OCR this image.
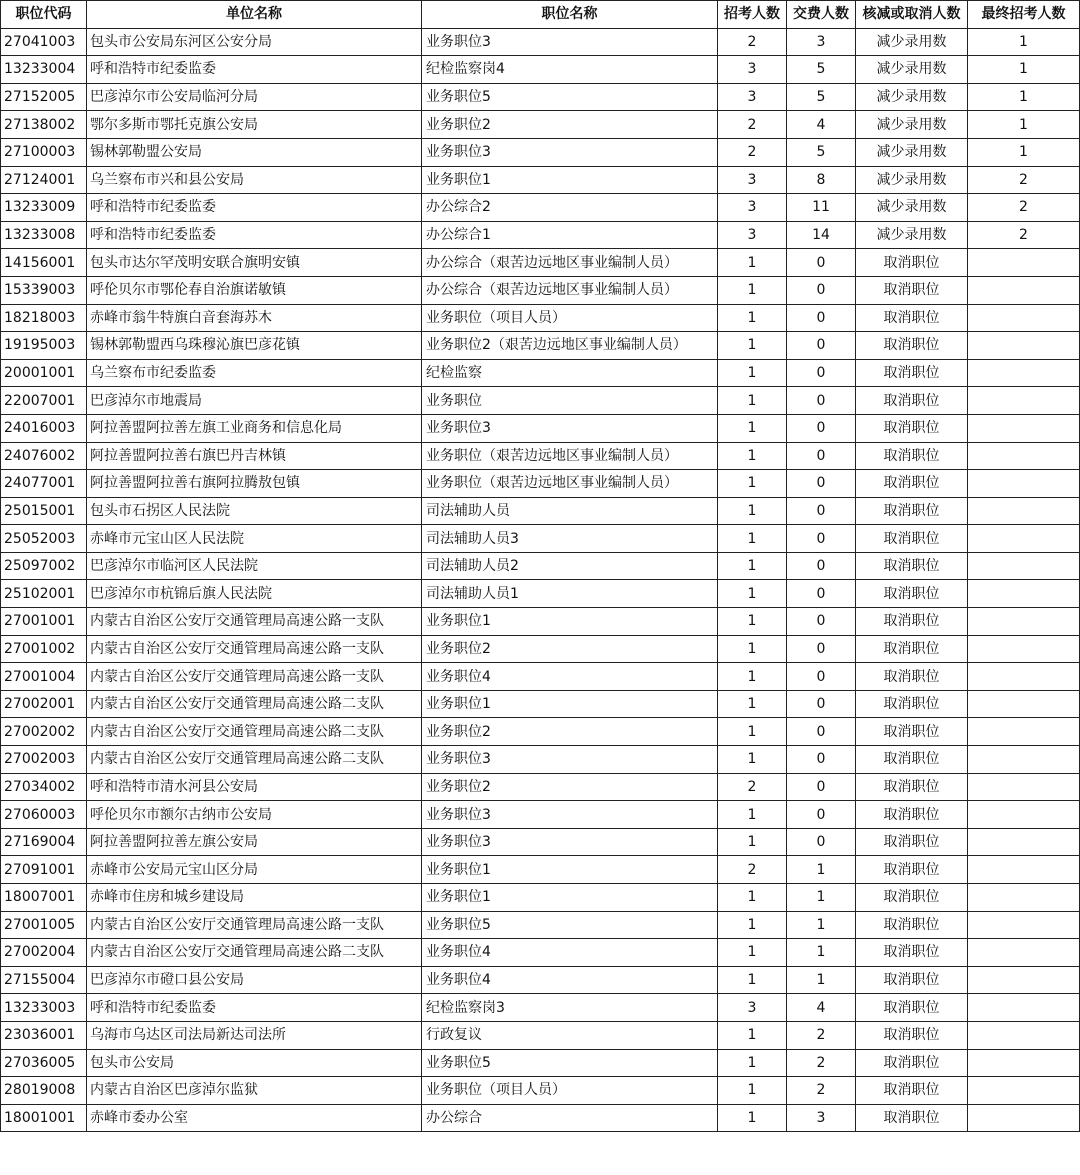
职位代码	单位名称	职位名称	招考人数	交费人数	核减或取消人数	最终招考人数
27041003	包头市公安局东河区公安分局	业务职位3	2	3	减少录用数	1
13233004	呼和浩特市纪委监委	纪检监察岗4	3	5	减少录用数	1
27152005	巴彦淖尔市公安局临河分局	业务职位5	3	5	减少录用数	1
27138002	鄂尔多斯市鄂托克旗公安局	业务职位2	2	4	减少录用数	1
27100003	锡林郭勒盟公安局	业务职位3	2	5	减少录用数	1
27124001	乌兰察布市兴和县公安局	业务职位1	3	8	减少录用数	2
13233009	呼和浩特市纪委监委	办公综合2	3	11	减少录用数	2
13233008	呼和浩特市纪委监委	办公综合1	3	14	减少录用数	2
14156001	包头市达尔罕茂明安联合旗明安镇	办公综合（艰苦边远地区事业编制人员）	1	0	取消职位	
15339003	呼伦贝尔市鄂伦春自治旗诺敏镇	办公综合（艰苦边远地区事业编制人员）	1	0	取消职位	
18218003	赤峰市翁牛特旗白音套海苏木	业务职位（项目人员）	1	0	取消职位	
19195003	锡林郭勒盟西乌珠穆沁旗巴彦花镇	业务职位2（艰苦边远地区事业编制人员）	1	0	取消职位	
20001001	乌兰察布市纪委监委	纪检监察	1	0	取消职位	
22007001	巴彦淖尔市地震局	业务职位	1	0	取消职位	
24016003	阿拉善盟阿拉善左旗工业商务和信息化局	业务职位3	1	0	取消职位	
24076002	阿拉善盟阿拉善右旗巴丹吉林镇	业务职位（艰苦边远地区事业编制人员）	1	0	取消职位	
24077001	阿拉善盟阿拉善右旗阿拉腾敖包镇	业务职位（艰苦边远地区事业编制人员）	1	0	取消职位	
25015001	包头市石拐区人民法院	司法辅助人员	1	0	取消职位	
25052003	赤峰市元宝山区人民法院	司法辅助人员3	1	0	取消职位	
25097002	巴彦淖尔市临河区人民法院	司法辅助人员2	1	0	取消职位	
25102001	巴彦淖尔市杭锦后旗人民法院	司法辅助人员1	1	0	取消职位	
27001001	内蒙古自治区公安厅交通管理局高速公路一支队	业务职位1	1	0	取消职位	
27001002	内蒙古自治区公安厅交通管理局高速公路一支队	业务职位2	1	0	取消职位	
27001004	内蒙古自治区公安厅交通管理局高速公路一支队	业务职位4	1	0	取消职位	
27002001	内蒙古自治区公安厅交通管理局高速公路二支队	业务职位1	1	0	取消职位	
27002002	内蒙古自治区公安厅交通管理局高速公路二支队	业务职位2	1	0	取消职位	
27002003	内蒙古自治区公安厅交通管理局高速公路二支队	业务职位3	1	0	取消职位	
27034002	呼和浩特市清水河县公安局	业务职位2	2	0	取消职位	
27060003	呼伦贝尔市额尔古纳市公安局	业务职位3	1	0	取消职位	
27169004	阿拉善盟阿拉善左旗公安局	业务职位3	1	0	取消职位	
27091001	赤峰市公安局元宝山区分局	业务职位1	2	1	取消职位	
18007001	赤峰市住房和城乡建设局	业务职位1	1	1	取消职位	
27001005	内蒙古自治区公安厅交通管理局高速公路一支队	业务职位5	1	1	取消职位	
27002004	内蒙古自治区公安厅交通管理局高速公路二支队	业务职位4	1	1	取消职位	
27155004	巴彦淖尔市磴口县公安局	业务职位4	1	1	取消职位	
13233003	呼和浩特市纪委监委	纪检监察岗3	3	4	取消职位	
23036001	乌海市乌达区司法局新达司法所	行政复议	1	2	取消职位	
27036005	包头市公安局	业务职位5	1	2	取消职位	
28019008	内蒙古自治区巴彦淖尔监狱	业务职位（项目人员）	1	2	取消职位	
18001001	赤峰市委办公室	办公综合	1	3	取消职位	
